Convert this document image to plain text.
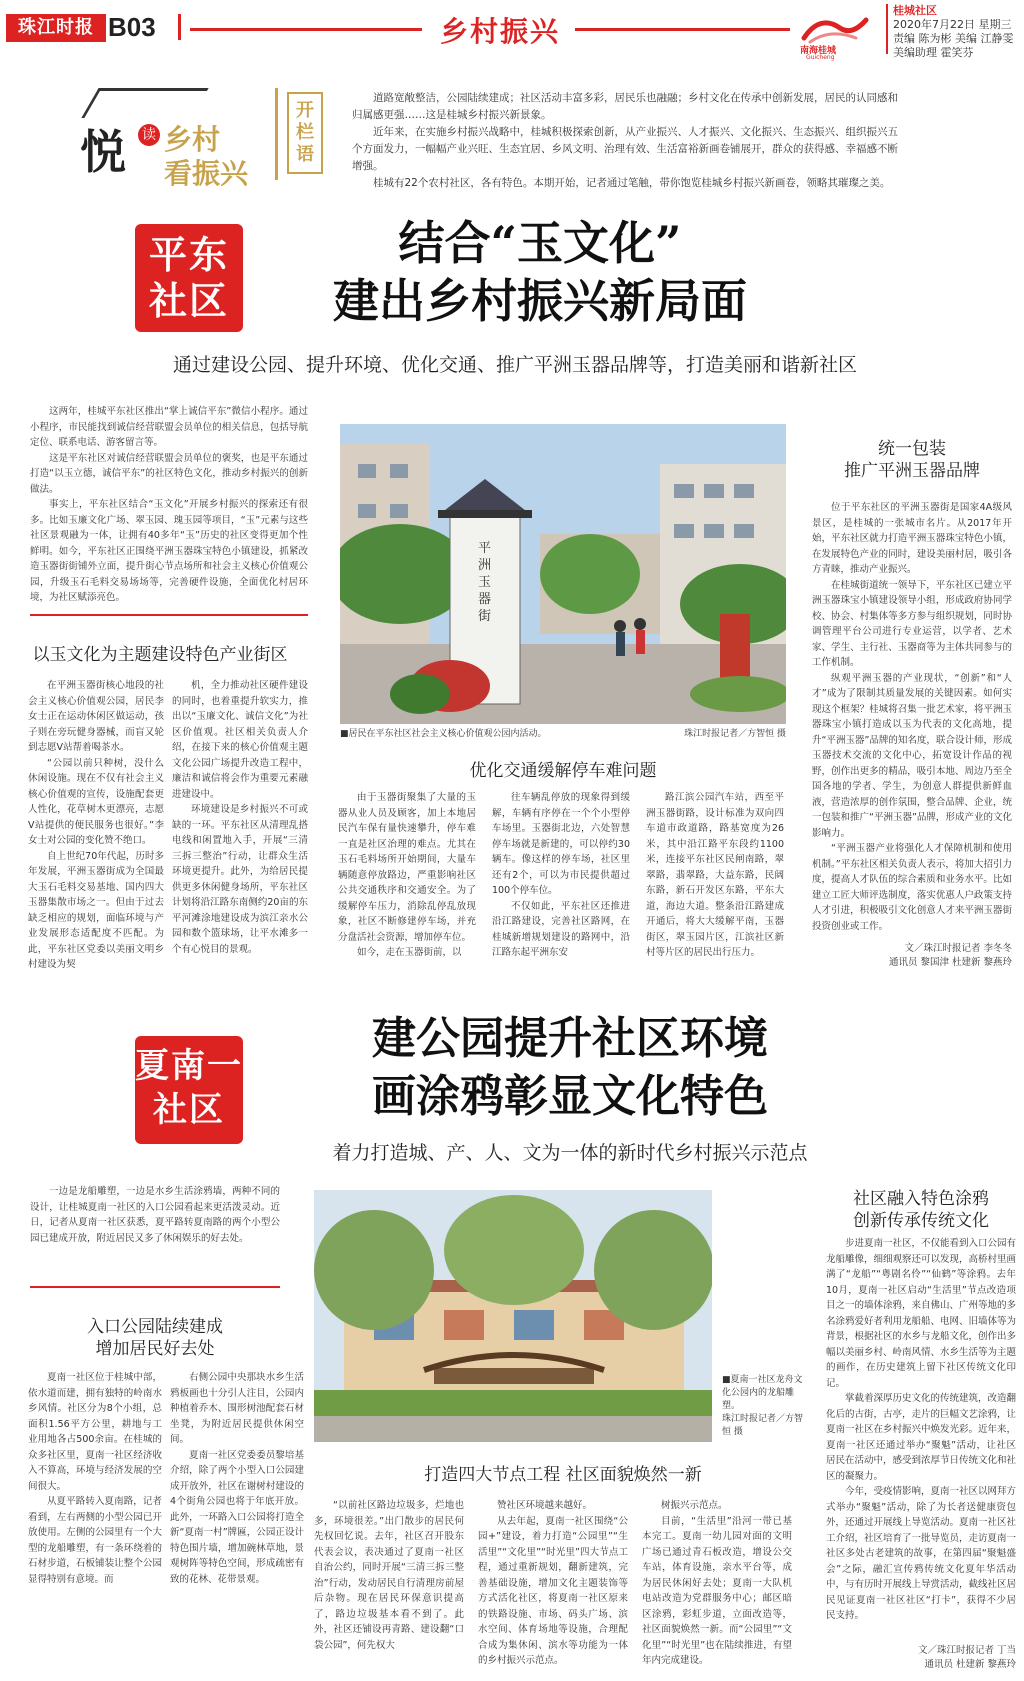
珠江时报 B03	乡村振兴
南海桂城
Guicheng
桂城社区
2020年7月22日 星期三
责编 陈为彬 美编 江静雯
美编助理 霍笑芬
悦 读 乡村
看振兴
开栏语

道路宽敞整洁，公园陆续建成；社区活动丰富多彩，居民乐也融融；乡村文化在传承中创新发展，居民的认同感和归属感更强……这是桂城乡村振兴新景象。

近年来，在实施乡村振兴战略中，桂城积极探索创新，从产业振兴、人才振兴、文化振兴、生态振兴、组织振兴五个方面发力，一幅幅产业兴旺、生态宜居、乡风文明、治理有效、生活富裕新画卷铺展开，群众的获得感、幸福感不断增强。

桂城有22个农村社区，各有特色。本期开始，记者通过笔触，带你饱览桂城乡村振兴新画卷，领略其璀璨之美。

平东
社区
结合“玉文化”
建出乡村振兴新局面
通过建设公园、提升环境、优化交通、推广平洲玉器品牌等，打造美丽和谐新社区

这两年，桂城平东社区推出“掌上诚信平东”微信小程序。通过小程序，市民能找到诚信经营联盟会员单位的相关信息，包括导航定位、联系电话、游客留言等。

这是平东社区对诚信经营联盟会员单位的褒奖，也是平东通过打造“以玉立德，诚信平东”的社区特色文化，推动乡村振兴的创新做法。

事实上，平东社区结合“玉文化”开展乡村振兴的探索还有很多。比如玉廉文化广场、翠玉园、瑰玉园等项目，“玉”元素与这些社区景观融为一体，让拥有40多年“玉”历史的社区变得更加个性鲜明。如今，平东社区正围绕平洲玉器珠宝特色小镇建设，抓紧改造玉器街街铺外立面，提升街心节点场所和社会主义核心价值观公园，升级玉石毛料交易场场等，完善硬件设施，全面优化村居环境，为社区赋添亮色。

以玉文化为主题建设特色产业街区

在平洲玉器街核心地段的社会主义核心价值观公园，居民李女士正在运动休闲区做运动，孩子则在旁玩健身器械，而盲又轮到志愿V站帮着喝茶水。

“公园以前只种树，没什么休闲设施。现在不仅有社会主义核心价值观的宣传，设施配套更人性化，花草树木更漂亮，志愿V站提供的便民服务也很好。”李女士对公园的变化赞不绝口。

自上世纪70年代起，历时多年发展，平洲玉器街成为全国最大玉石毛料交易基地、国内四大玉器集散市场之一。但由于过去缺乏相应的规划，面临环境与产业发展形态适配度不匹配。为此，平东社区党委以美丽文明乡村建设为契

机，全力推动社区硬件建设的同时，也着重提升软实力，推出以“玉廉文化、诚信文化”为社区价值观。社区相关负责人介绍，在接下来的核心价值观主题文化公园广场提升改造工程中，廉洁和诚信将会作为重要元素融进建设中。

环境建设是乡村振兴不可或缺的一环。平东社区从清理乱搭电线和闲置地入手，开展“三清三拆三整治”行动，让群众生活环境更提升。此外，为给居民提供更多休闲健身场所，平东社区计划将沿江路东南侧约20亩的东平河滩涂地建设成为滨江亲水公园和数个篮球场，让平水滩多一个有心悦目的景观。

平洲玉器街
■居民在平东社区社会主义核心价值观公园内活动。	珠江时报记者／方智恒 摄
优化交通缓解停车难问题

由于玉器街聚集了大量的玉器从业人员及顾客，加上本地居民汽车保有量快速攀升，停车难一直是社区治理的难点。尤其在玉石毛料场所开始期间，大量车辆随意停放路边，严重影响社区公共交通秩序和交通安全。为了缓解停车压力，消除乱停乱放现象，社区不断修建停车场，并充分盘活社会资源，增加停车位。

如今，走在玉器街前，以

往车辆乱停放的现象得到缓解，车辆有序停在一个个小型停车场里。玉器街北边，六处智慧停车场就是新建的，可以停约30辆车。像这样的停车场，社区里还有2个，可以为市民提供超过100个停车位。

不仅如此，平东社区还推进沿江路建设，完善社区路网，在桂城新增规划建设的路网中，沿江路东起平洲东安

路江滨公园汽车站，西至平洲玉器街路，设计标准为双向四车道市政道路，路基宽度为26米，其中沿江路平东段约1100米，连接平东社区民闸南路，翠翠路，翡翠路，大益东路，民阔东路，新石开发区东路，平东大道，海边大道。整条沿江路建成开通后，将大大缓解平南，玉器街区，翠玉园片区，江滨社区新村等片区的居民出行压力。

统一包装
推广平洲玉器品牌

位于平东社区的平洲玉器街是国家4A级风景区，是桂城的一张城市名片。从2017年开始，平东社区就力打造平洲玉器珠宝特色小镇，在发展特色产业的同时，建设美丽村居，吸引各方青睐，推动产业振兴。

在桂城街道统一领导下，平东社区已建立平洲玉器珠宝小镇建设领导小组，形成政府协同学校、协会、村集体等多方参与组织规划，同时协调管理平台公司进行专业运营，以学者、艺术家、学生、主行社、玉器商等为主体共同参与的工作机制。

纵观平洲玉器的产业现状，“创新”和“人才”成为了限制其质量发展的关键因素。如何实现这个框架？桂城将召集一批艺术家，将平洲玉器珠宝小镇打造成以玉为代表的文化高地，提升“平洲玉器”品牌的知名度，联合设计师，形成玉器技术交流的文化中心，拓宽设计作品的视野，创作出更多的精品，吸引本地、周边乃至全国各地的学者、学生，为创意人群提供新鲜血液，营造浓厚的创作氛围，整合品牌、企业，统一包装和推广“平洲玉器”品牌，形成产业的文化影响力。

“平洲玉器产业将强化人才保障机制和使用机制。”平东社区相关负责人表示，将加大招引力度，提高人才队伍的综合素质和业务水平。比如建立工匠大师评选制度，落实优惠人户政策支持人才引进，积极吸引文化创意人才来平洲玉器街投资创业或工作。

文／珠江时报记者 李冬冬
通讯员 黎国津 杜建新 黎燕玲
夏南一
社区
建公园提升社区环境
画涂鸦彰显文化特色
着力打造城、产、人、文为一体的新时代乡村振兴示范点

一边是龙船雕塑，一边是水乡生活涂鸦墙，两种不同的设计，让桂城夏南一社区的入口公园看起来更活泼灵动。近日，记者从夏南一社区获悉，夏平路转夏南路的两个小型公园已建成开放，附近居民又多了休闲娱乐的好去处。

入口公园陆续建成
增加居民好去处

夏南一社区位于桂城中部，依水道而建，拥有独特的岭南水乡风情。社区分为8个小组，总面积1.56平方公里，耕地与工业用地各占500余亩。在桂城的众多社区里，夏南一社区经济收入不算高，环境与经济发展的空间很大。

从夏平路转入夏南路，记者看到，左右两侧的小型公园已开放使用。左侧的公园里有一个大型的龙船雕塑，有一条环绕着的石材步道，石板铺装让整个公园显得特别有意境。而

右侧公园中央那块水乡生活鸦板画也十分引人注目，公园内种植着乔木、围形树池配套石材坐凳，为附近居民提供休闲空间。

夏南一社区党委委员黎培基介绍，除了两个小型入口公园建成开放外，社区在谢树村建设的4个街角公园也将于年底开放。此外，一环路入口公园将打造全新“夏南一村”牌匾，公园正设计特色围片墙，增加碗林草地，景观树阵等特色空间，形成疏密有致的花林、花带景观。

■夏南一社区龙舟文化公园内的龙船雕塑。
珠江时报记者／方智恒 摄
打造四大节点工程 社区面貌焕然一新

“以前社区路边垃圾多，烂地也多，环境很差。”出门散步的居民何先权回忆说。去年，社区召开股东代表会议，表决通过了夏南一社区自治公约，同时开展“三清三拆三整治”行动，发动居民自行清理房前屋后杂物。现在居民环保意识提高了，路边垃圾基本看不到了。此外，社区还铺设再青路、建设翻“口袋公园”，何先权大

赞社区环境越来越好。

从去年起，夏南一社区围绕“公园+”建设，着力打造“公园里”“生活里”“文化里”“时光里”四大节点工程，通过重新规划，翻新建筑，完善基础设施，增加文化主题装饰等方式活化社区，将夏南一社区原来的铁路设施、市场、码头广场、滨水空间、体育场地等设施，合理配合成为集休闲、滨水等功能为一体的乡村振兴示范点。

树振兴示范点。

目前，“生活里”沿河一带已基本完工。夏南一幼儿园对面的文明广场已通过青石板改造，增设公交车站，体育设施，亲水平台等，成为居民休闲好去处；夏南一大队机电站改造为党群服务中心；邮区暗区涂鸦，彩虹步道，立面改造等，社区面貌焕然一新。而“公园里”“文化里”“时光里”也在陆续推进，有望年内完成建设。

社区融入特色涂鸦
创新传承传统文化

步进夏南一社区，不仅能看到入口公园有龙船雕像，细细观察还可以发现，高桥村里画满了“龙船”“粤剧名伶”“仙鹤”等涂鸦。去年10月，夏南一社区启动“生活里”节点改造项目之一的墙体涂鸦，来自佛山、广州等地的多名涂鸦爱好者利用龙船船、电网、旧墙体等为背景，根据社区的水乡与龙船文化，创作出多幅以美丽乡村、岭南风情、水乡生活等为主题的画作，在历史建筑上留下社区传统文化印记。

掌截着深厚历史文化的传统建筑，改造翻化后的古街，古亭，走片的巨幅文艺涂鸦，让夏南一社区在乡村振兴中焕发光彩。近年来，夏南一社区还通过举办“聚魁”活动，让社区居民在活动中，感受到浓厚节日传统文化和社区的凝聚力。

今年，受疫情影响，夏南一社区以网拜方式举办“聚魁”活动，除了为长者送健康资包外，还通过开展线上导览活动。夏南一社区社工介绍，社区培育了一批导览员，走访夏南一社区多处古老建筑的故事，在第四届“聚魁盛会”之际，融汇宣传鸦传统文化夏年华活动中，与有历时开展线上导赏活动，截线社区居民见证夏南一社区社区“打卡”，获得不少居民支持。

文／珠江时报记者 丁当
通讯员 杜建新 黎燕玲
